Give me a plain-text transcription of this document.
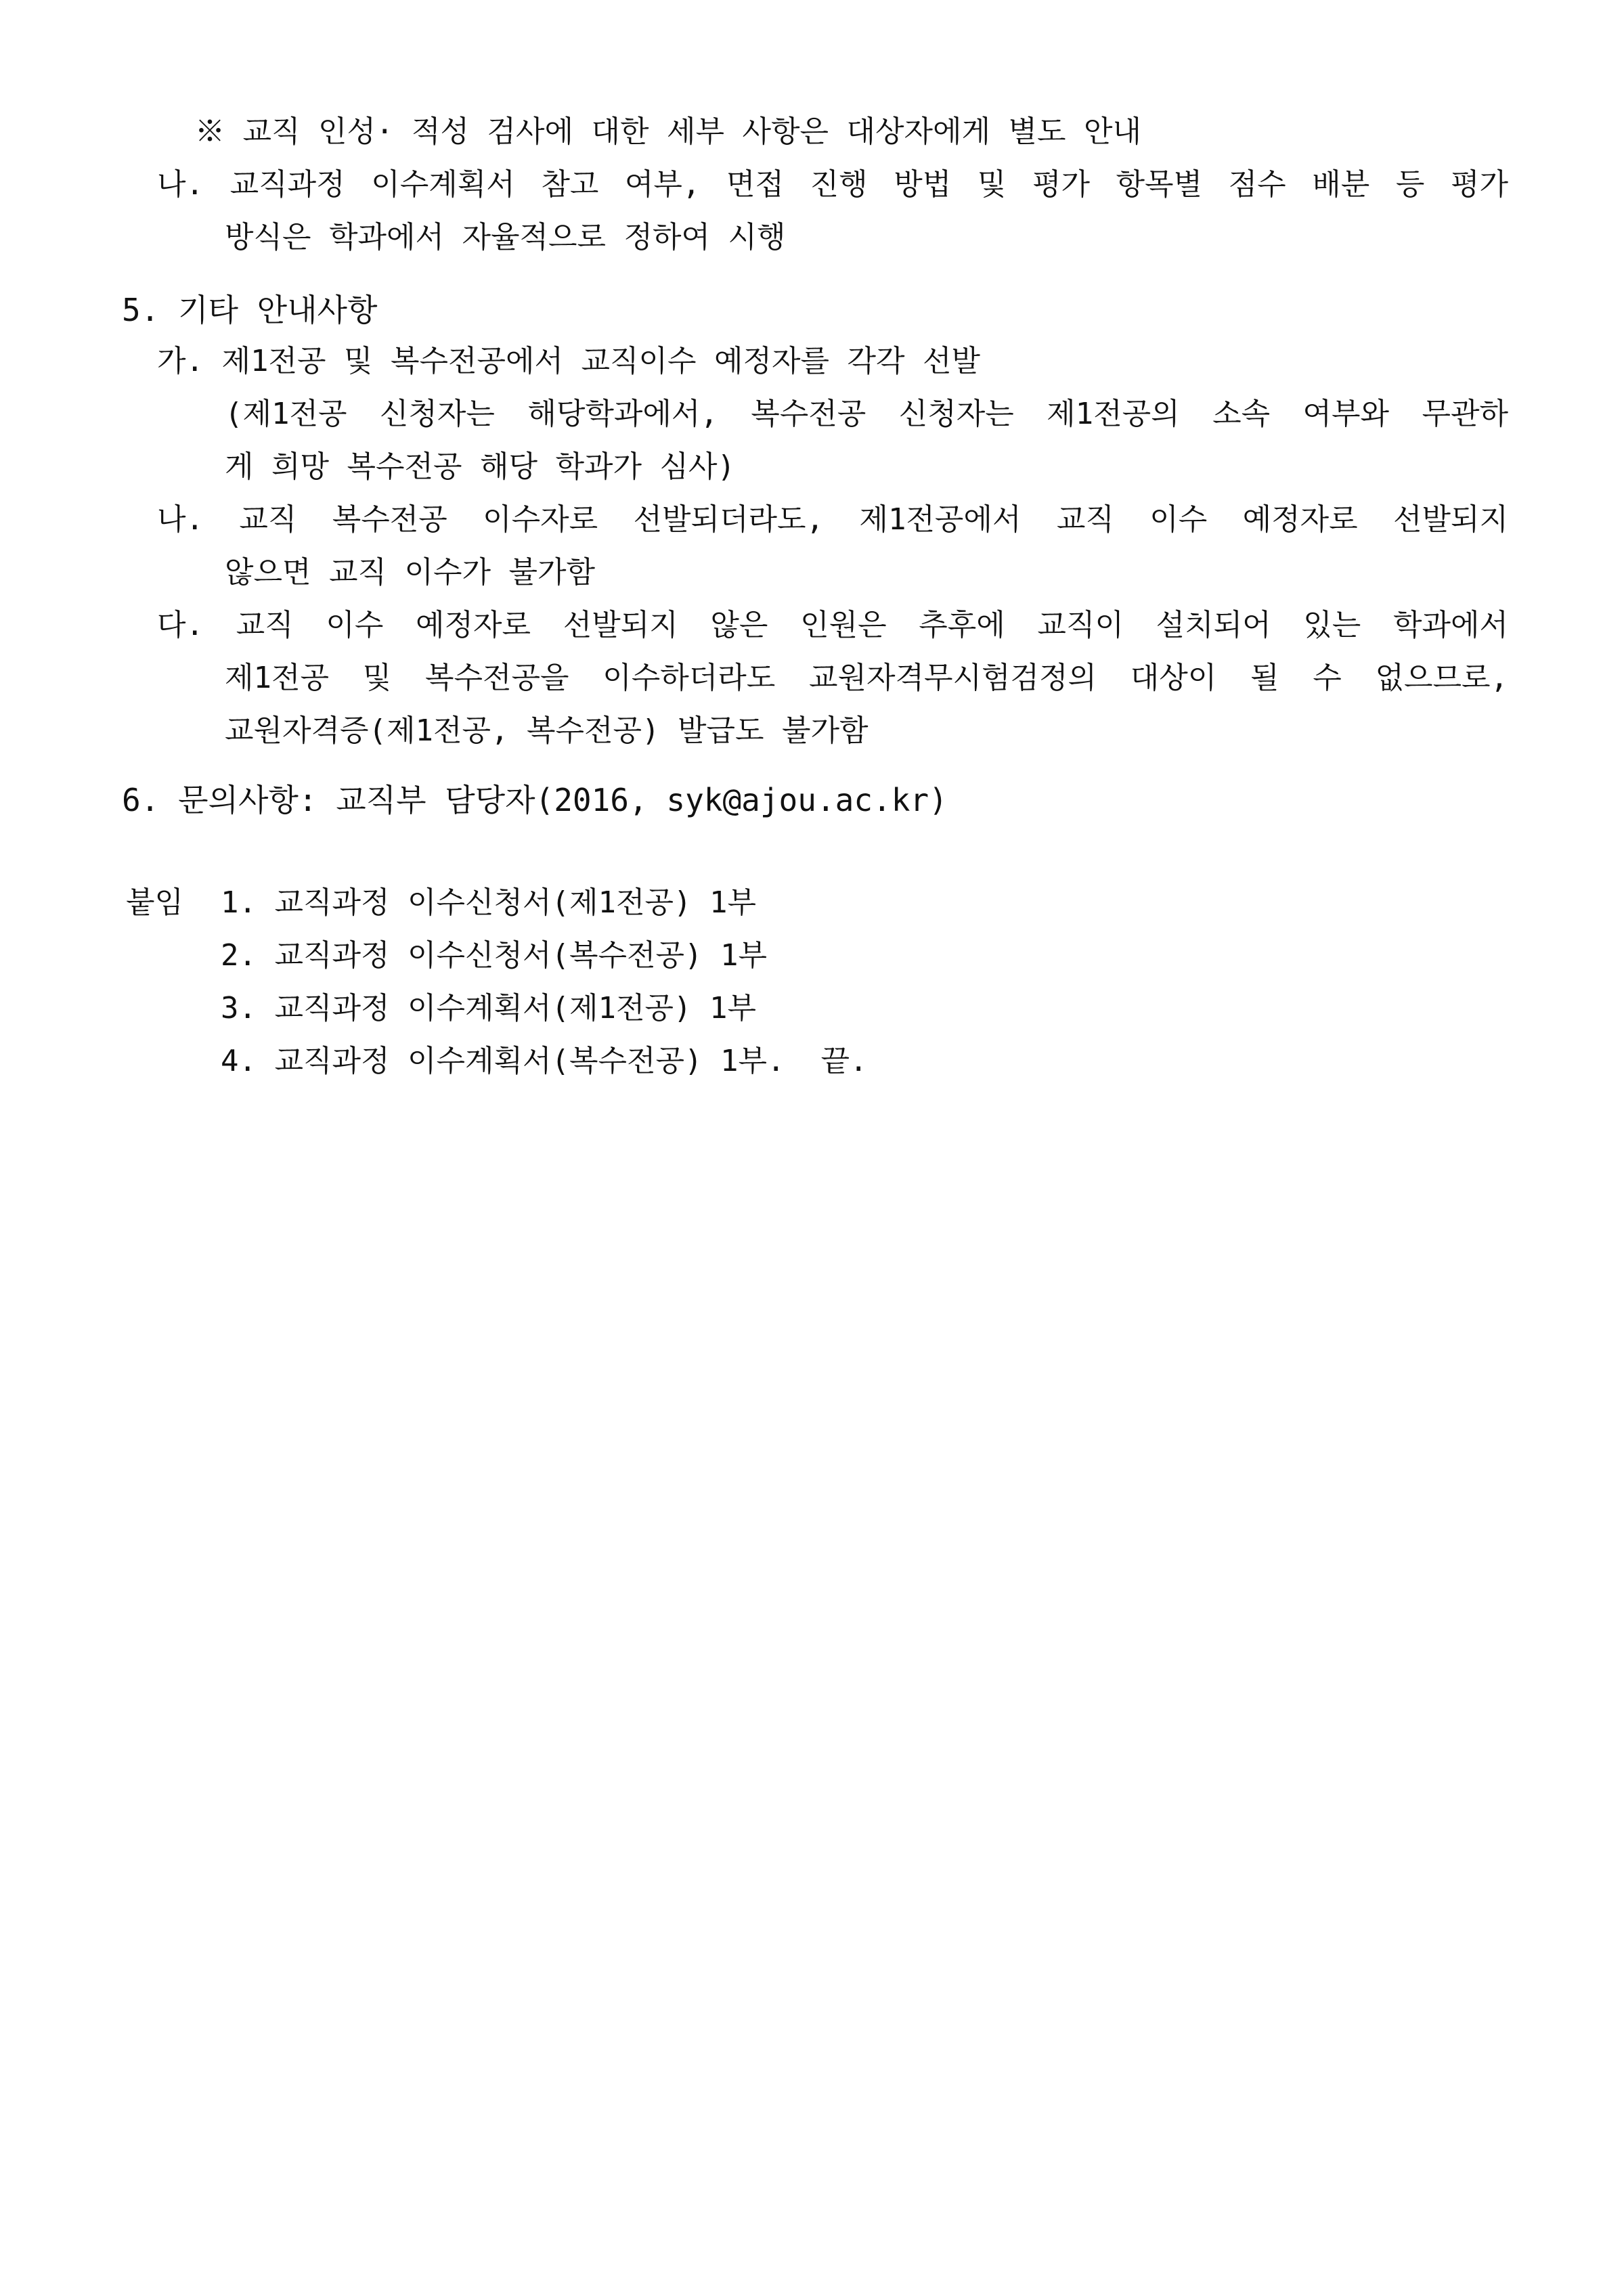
※ 교직 인성· 적성 검사에 대한 세부 사항은 대상자에게 별도 안내
나. 교직과정 이수계획서 참고 여부, 면접 진행 방법 및 평가 항목별 점수 배분 등 평가
방식은 학과에서 자율적으로 정하여 시행
5. 기타 안내사항
가. 제1전공 및 복수전공에서 교직이수 예정자를 각각 선발
(제1전공 신청자는 해당학과에서, 복수전공 신청자는 제1전공의 소속 여부와 무관하
게 희망 복수전공 해당 학과가 심사)
나. 교직 복수전공 이수자로 선발되더라도, 제1전공에서 교직 이수 예정자로 선발되지
않으면 교직 이수가 불가함
다. 교직 이수 예정자로 선발되지 않은 인원은 추후에 교직이 설치되어 있는 학과에서
제1전공 및 복수전공을 이수하더라도 교원자격무시험검정의 대상이 될 수 없으므로,
교원자격증(제1전공, 복수전공) 발급도 불가함
6. 문의사항: 교직부 담당자(2016, syk@ajou.ac.kr)
붙임 1. 교직과정 이수신청서(제1전공) 1부
2. 교직과정 이수신청서(복수전공) 1부
3. 교직과정 이수계획서(제1전공) 1부
4. 교직과정 이수계획서(복수전공) 1부.  끝.
